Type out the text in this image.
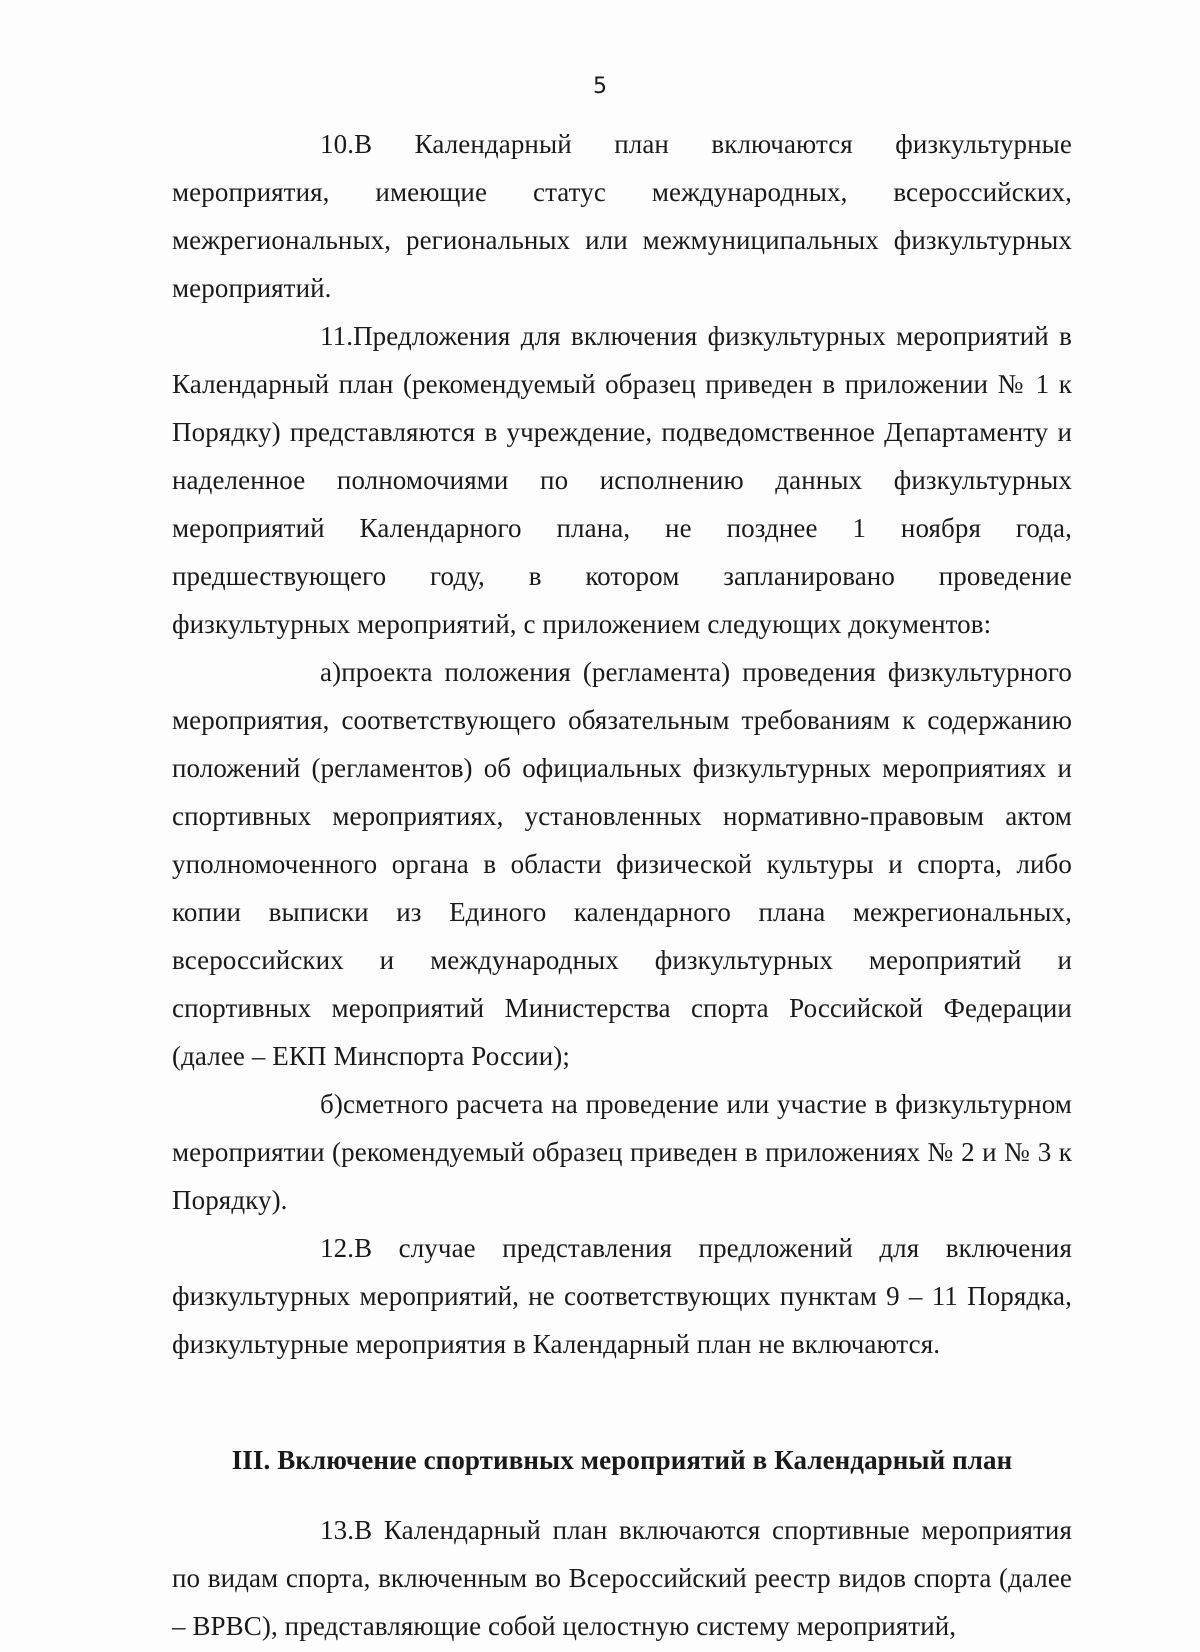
5

10.В Календарный план включаются физкультурные мероприятия, имеющие статус международных, всероссийских, межрегиональных, региональных или межмуниципальных физкультурных мероприятий.

11.Предложения для включения физкультурных мероприятий в Календарный план (рекомендуемый образец приведен в приложении № 1 к Порядку) представляются в учреждение, подведомственное Департаменту и наделенное полномочиями по исполнению данных физкультурных мероприятий Календарного плана, не позднее 1 ноября года, предшествующего году, в котором запланировано проведение физкультурных мероприятий, с приложением следующих документов:

а)проекта положения (регламента) проведения физкультурного мероприятия, соответствующего обязательным требованиям к содержанию положений (регламентов) об официальных физкультурных мероприятиях и спортивных мероприятиях, установленных нормативно-правовым актом уполномоченного органа в области физической культуры и спорта, либо копии выписки из Единого календарного плана межрегиональных, всероссийских и международных физкультурных мероприятий и спортивных мероприятий Министерства спорта Российской Федерации (далее – ЕКП Минспорта России);

б)сметного расчета на проведение или участие в физкультурном мероприятии (рекомендуемый образец приведен в приложениях № 2 и № 3 к Порядку).

12.В случае представления предложений для включения физкультурных мероприятий, не соответствующих пунктам 9 – 11 Порядка, физкультурные мероприятия в Календарный план не включаются.

III. Включение спортивных мероприятий в Календарный план

13.В Календарный план включаются спортивные мероприятия по видам спорта, включенным во Всероссийский реестр видов спорта (далее – ВРВС), представляющие собой целостную систему мероприятий,
